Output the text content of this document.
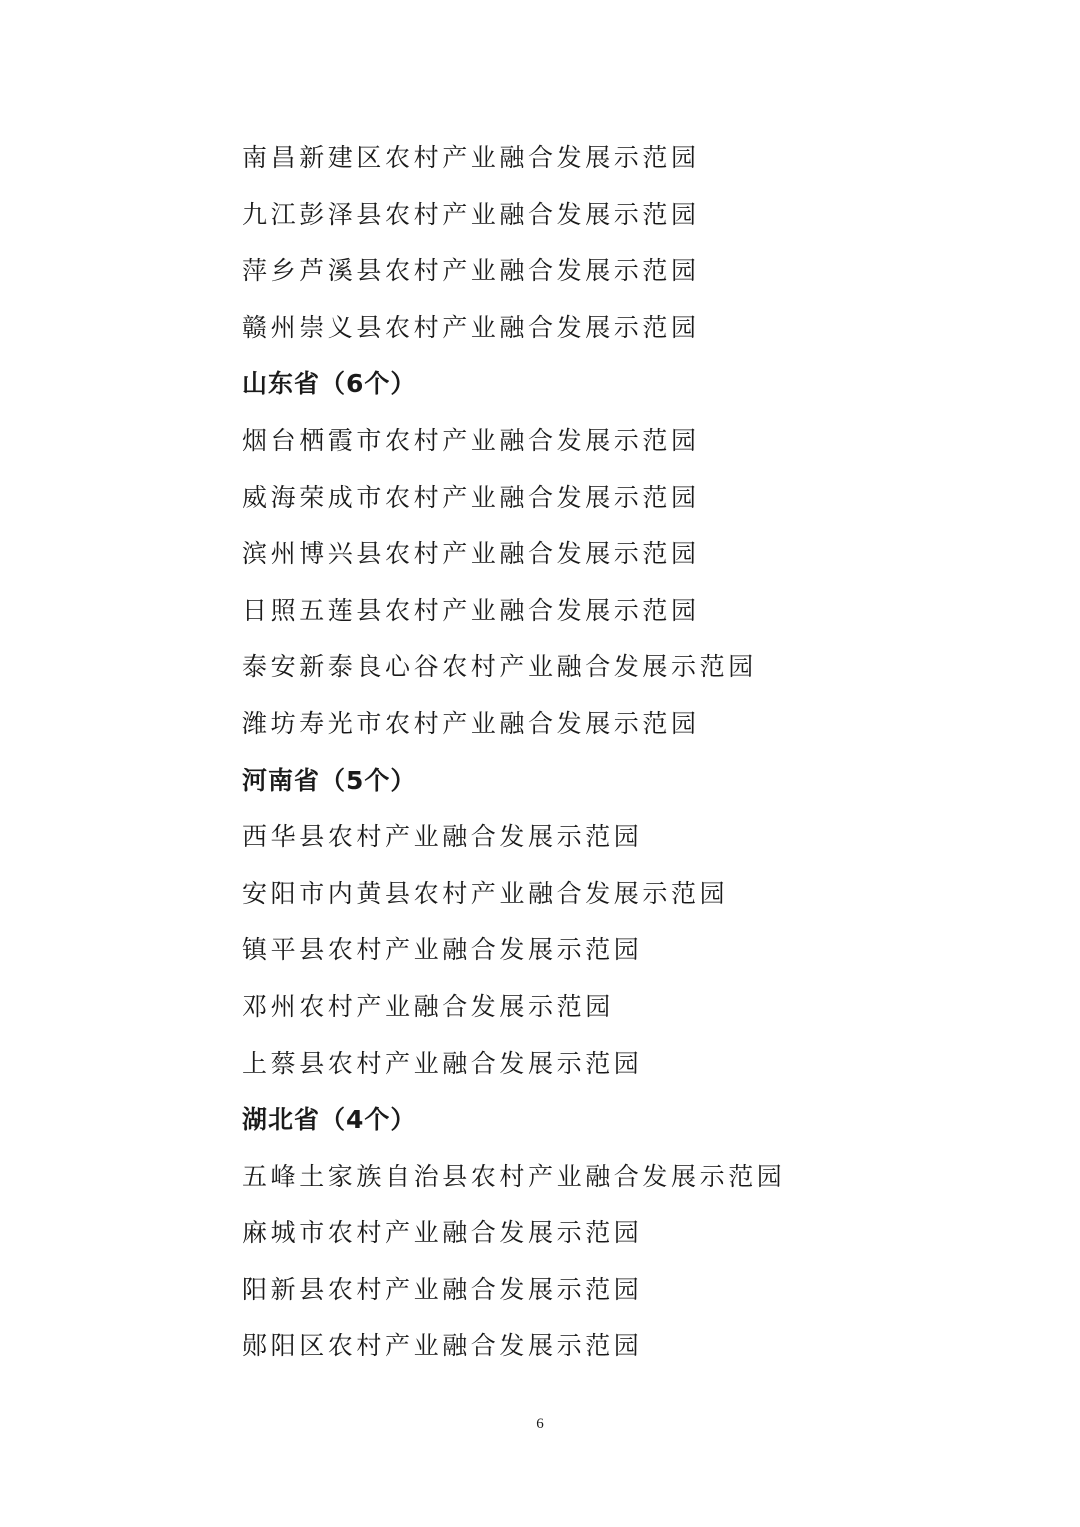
南昌新建区农村产业融合发展示范园
九江彭泽县农村产业融合发展示范园
萍乡芦溪县农村产业融合发展示范园
赣州崇义县农村产业融合发展示范园
山东省（6个）
烟台栖霞市农村产业融合发展示范园
威海荣成市农村产业融合发展示范园
滨州博兴县农村产业融合发展示范园
日照五莲县农村产业融合发展示范园
泰安新泰良心谷农村产业融合发展示范园
潍坊寿光市农村产业融合发展示范园
河南省（5个）
西华县农村产业融合发展示范园
安阳市内黄县农村产业融合发展示范园
镇平县农村产业融合发展示范园
邓州农村产业融合发展示范园
上蔡县农村产业融合发展示范园
湖北省（4个）
五峰土家族自治县农村产业融合发展示范园
麻城市农村产业融合发展示范园
阳新县农村产业融合发展示范园
郧阳区农村产业融合发展示范园
6
